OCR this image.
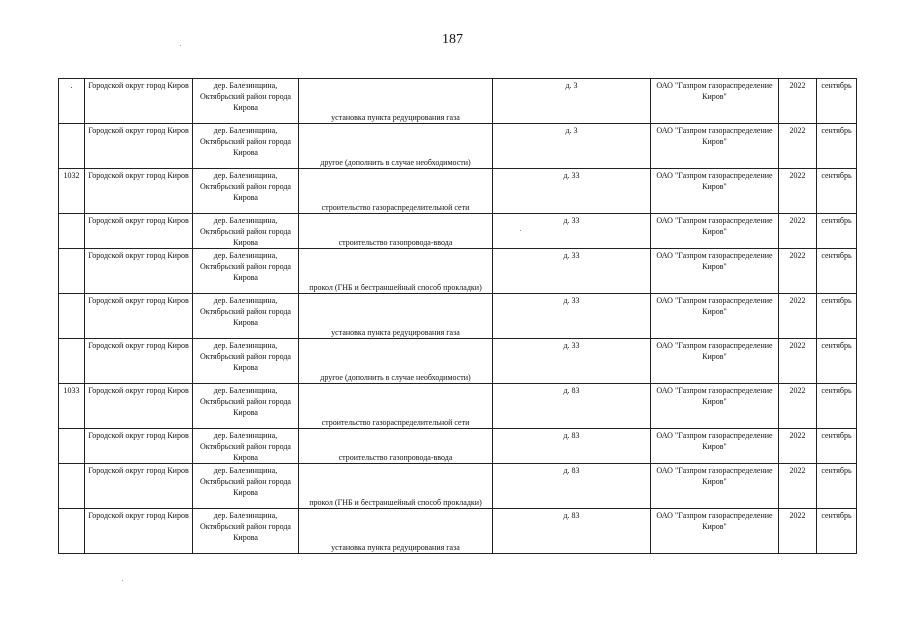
187
.	Городской округ город Киров	дер. Балезинщина, Октябрьский район города Кирова	установка пункта редуцирования газа	д. 3	ОАО "Газпром газораспределение Киров"	2022	сентябрь
	Городской округ город Киров	дер. Балезинщина, Октябрьский район города Кирова	другое (дополнить в случае необходимости)	д. 3	ОАО "Газпром газораспределение Киров"	2022	сентябрь
1032	Городской округ город Киров	дер. Балезинщина, Октябрьский район города Кирова	строительство газораспределительной сети	д. 33	ОАО "Газпром газораспределение Киров"	2022	сентябрь
	Городской округ город Киров	дер. Балезинщина, Октябрьский район города Кирова	строительство газопровода-ввода	д. 33	ОАО "Газпром газораспределение Киров"	2022	сентябрь
	Городской округ город Киров	дер. Балезинщина, Октябрьский район города Кирова	прокол (ГНБ и бестраншейный способ прокладки)	д. 33	ОАО "Газпром газораспределение Киров"	2022	сентябрь
	Городской округ город Киров	дер. Балезинщина, Октябрьский район города Кирова	установка пункта редуцирования газа	д. 33	ОАО "Газпром газораспределение Киров"	2022	сентябрь
	Городской округ город Киров	дер. Балезинщина, Октябрьский район города Кирова	другое (дополнить в случае необходимости)	д. 33	ОАО "Газпром газораспределение Киров"	2022	сентябрь
1033	Городской округ город Киров	дер. Балезинщина, Октябрьский район города Кирова	строительство газораспределительной сети	д. 83	ОАО "Газпром газораспределение Киров"	2022	сентябрь
	Городской округ город Киров	дер. Балезинщина, Октябрьский район города Кирова	строительство газопровода-ввода	д. 83	ОАО "Газпром газораспределение Киров"	2022	сентябрь
	Городской округ город Киров	дер. Балезинщина, Октябрьский район города Кирова	прокол (ГНБ и бестраншейный способ прокладки)	д. 83	ОАО "Газпром газораспределение Киров"	2022	сентябрь
	Городской округ город Киров	дер. Балезинщина, Октябрьский район города Кирова	установка пункта редуцирования газа	д. 83	ОАО "Газпром газораспределение Киров"	2022	сентябрь
